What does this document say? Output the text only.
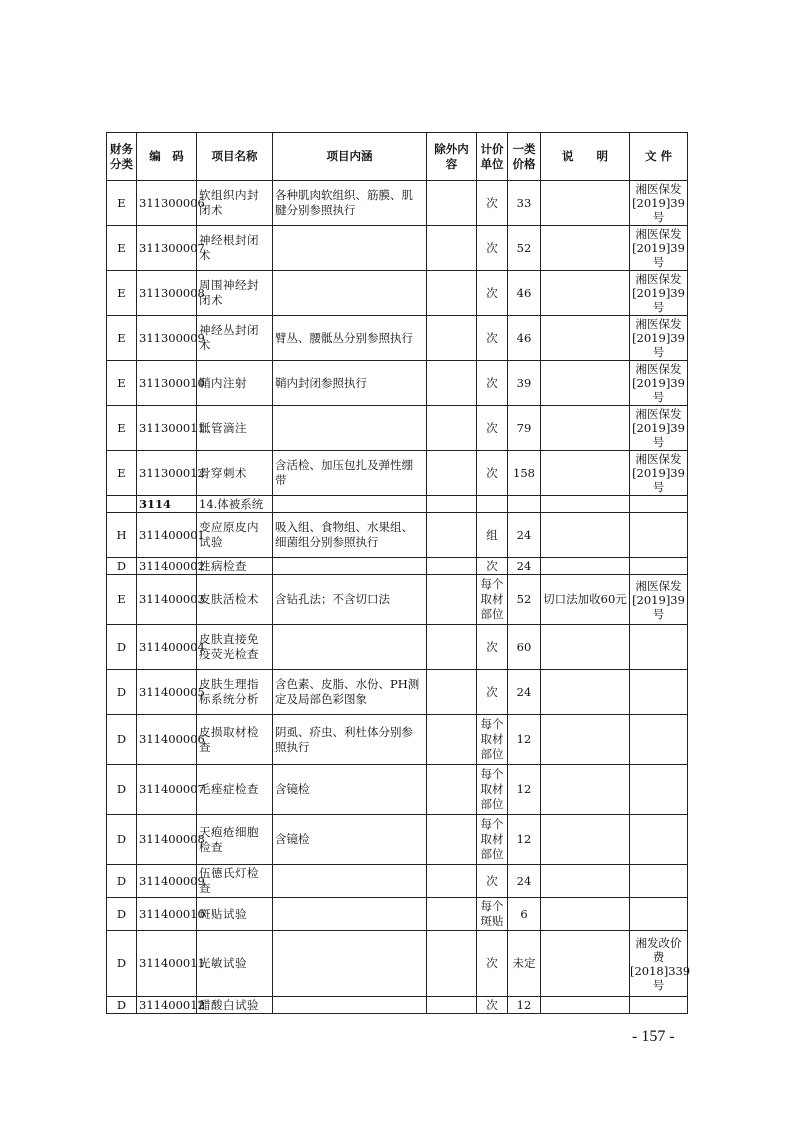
财务分类	编　码	项目名称	项目内涵	除外内容	计价单位	一类价格	说　　明	文 件
E	311300006	软组织内封闭术	各种肌肉软组织、筋膜、肌腱分别参照执行		次	33		湘医保发[2019]39号
E	311300007	神经根封闭术			次	52		湘医保发[2019]39号
E	311300008	周围神经封闭术			次	46		湘医保发[2019]39号
E	311300009	神经丛封闭术	臂丛、腰骶丛分别参照执行		次	46		湘医保发[2019]39号
E	311300010	鞘内注射	鞘内封闭参照执行		次	39		湘医保发[2019]39号
E	311300011	骶管滴注			次	79		湘医保发[2019]39号
E	311300012	骨穿刺术	含活检、加压包扎及弹性绷带		次	158		湘医保发[2019]39号
	3114	14.体被系统						
H	311400001	变应原皮内试验	吸入组、食物组、水果组、细菌组分别参照执行		组	24		
D	311400002	性病检查			次	24		
E	311400003	皮肤活检术	含钻孔法；不含切口法		每个取材部位	52	切口法加收60元	湘医保发[2019]39号
D	311400004	皮肤直接免疫荧光检查			次	60		
D	311400005	皮肤生理指标系统分析	含色素、皮脂、水份、PH测定及局部色彩图象		次	24		
D	311400006	皮损取材检查	阴虱、疥虫、利杜体分别参照执行		每个取材部位	12		
D	311400007	毛痤症检查	含镜检		每个取材部位	12		
D	311400008	天疱疮细胞检查	含镜检		每个取材部位	12		
D	311400009	伍德氏灯检查			次	24		
D	311400010	斑贴试验			每个斑贴	6		
D	311400011	光敏试验			次	未定		湘发改价费[2018]339号
D	311400012	醋酸白试验			次	12		
- 157 -
